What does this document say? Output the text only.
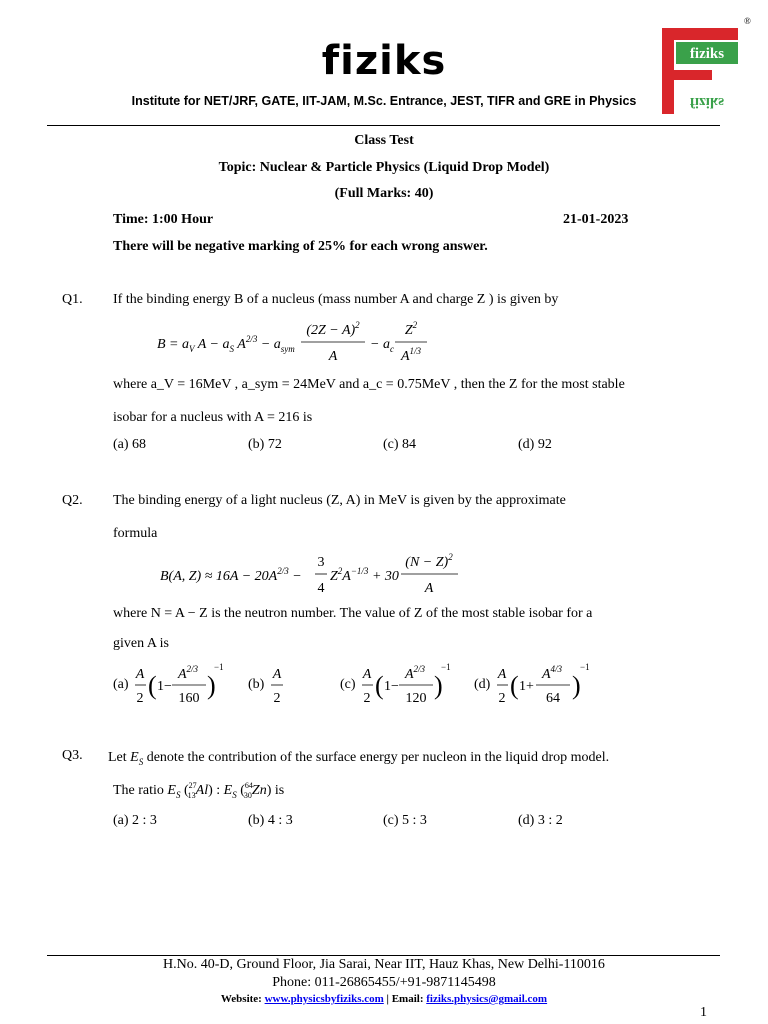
fiziks
Institute for NET/JRF, GATE, IIT-JAM, M.Sc. Entrance, JEST, TIFR and GRE in Physics
fiziks
fiziks
®
Class Test
Topic: Nuclear & Particle Physics (Liquid Drop Model)
(Full Marks: 40)
Time: 1:00 Hour	21-01-2023
There will be negative marking of 25% for each wrong answer.
Q1. If the binding energy B of a nucleus (mass number A and charge Z ) is given by
$B = a_V$ $A - a_S$ $A^{2/3} - a_{sym}$
$(2Z - A)^2$
A
− $a_c$
$Z^2$
$A^{1/3}$
where a_V = 16MeV , a_sym = 24MeV and a_c = 0.75MeV , then the Z for the most stable
isobar for a nucleus with A = 216 is
(a) 68	(b) 72	(c) 84	(d) 92
Q2. The binding energy of a light nucleus (Z, A) in MeV is given by the approximate
formula
B(A, $Z) \approx 16A - 20A^{2/3}$ −
3
4
$Z^2A^{-1/3} + 30$
$(N - Z)^2$
A
where N = A − Z is the neutron number. The value of Z of the most stable isobar for a
given A is
(a)
A
2 ( 1−
$A^{2/3}$
160 )
−1
(b)
A
2
(c)
A
2 ( 1−
$A^{2/3}$
120 )
−1
(d)
A
2 ( 1+
$A^{4/3}$
64 )
−1
Q3. Let $E_S$ denote the contribution of the surface energy per nucleon in the liquid drop model.
The ratio $E_S$ ($^{27}$ 13Al) : $E_S$ ($^{64}$ 30Zn) is
(a) 2 : 3	(b) 4 : 3	(c) 5 : 3	(d) 3 : 2
H.No. 40-D, Ground Floor, Jia Sarai, Near IIT, Hauz Khas, New Delhi-110016
Phone: 011-26865455/+91-9871145498
Website: www.physicsbyfiziks.com | Email: fiziks.physics@gmail.com
1
